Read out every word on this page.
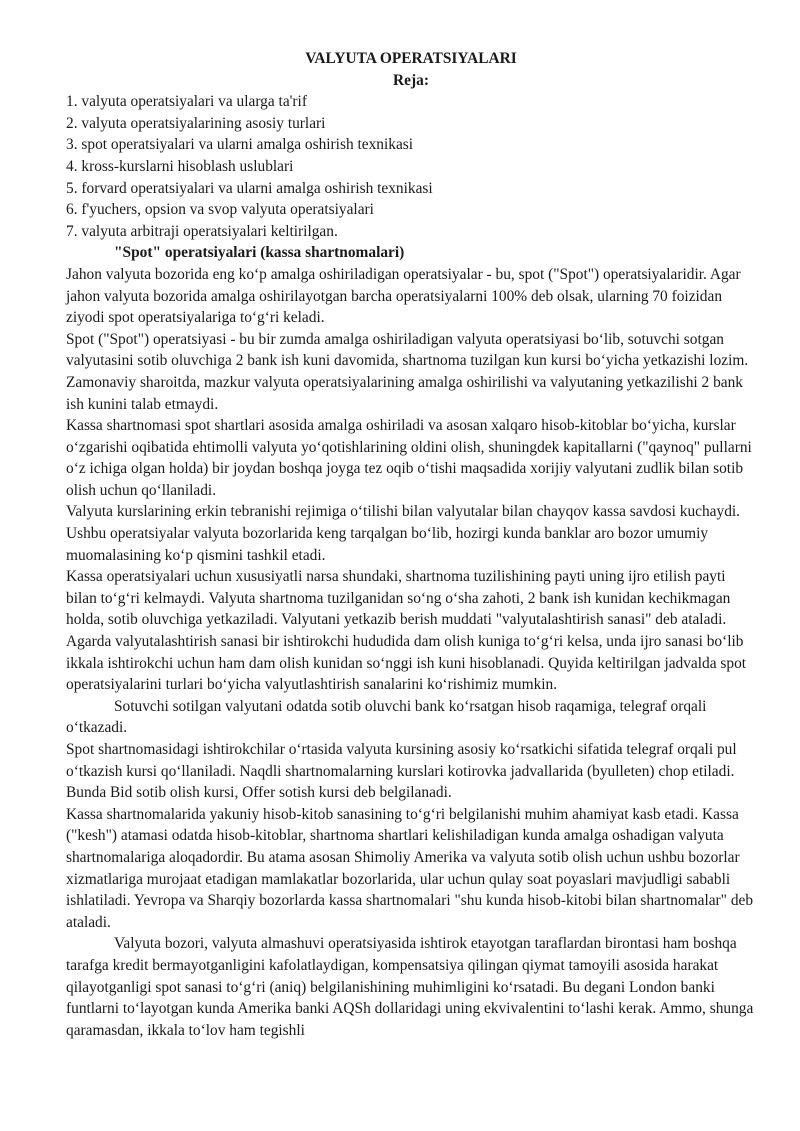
VALYUTA OPERATSIYALARI
Reja:
1. valyuta operatsiyalari va ularga ta'rif
2. valyuta operatsiyalarining asosiy turlari
3. spot operatsiyalari va ularni amalga oshirish texnikasi
4. kross-kurslarni hisoblash uslublari
5. forvard operatsiyalari va ularni amalga oshirish texnikasi
6. f'yuchers, opsion va svop valyuta operatsiyalari
7. valyuta arbitraji operatsiyalari keltirilgan.
"Spot" operatsiyalari (kassa shartnomalari)

Jahon valyuta bozorida eng koʻp amalga oshiriladigan operatsiyalar - bu, spot ("Spot") operatsiyalaridir. Agar jahon valyuta bozorida amalga oshirilayotgan barcha operatsiyalarni 100% deb olsak, ularning 70 foizidan ziyodi spot operatsiyalariga toʻgʻri keladi.

Spot ("Spot") operatsiyasi - bu bir zumda amalga oshiriladigan valyuta operatsiyasi boʻlib, sotuvchi sotgan valyutasini sotib oluvchiga 2 bank ish kuni davomida, shartnoma tuzilgan kun kursi boʻyicha yetkazishi lozim. Zamonaviy sharoitda, mazkur valyuta operatsiyalarining amalga oshirilishi va valyutaning yetkazilishi 2 bank ish kunini talab etmaydi.

Kassa shartnomasi spot shartlari asosida amalga oshiriladi va asosan xalqaro hisob-kitoblar boʻyicha, kurslar oʻzgarishi oqibatida ehtimolli valyuta yoʻqotishlarining oldini olish, shuningdek kapitallarni ("qaynoq" pullarni oʻz ichiga olgan holda) bir joydan boshqa joyga tez oqib oʻtishi maqsadida xorijiy valyutani zudlik bilan sotib olish uchun qoʻllaniladi.

Valyuta kurslarining erkin tebranishi rejimiga oʻtilishi bilan valyutalar bilan chayqov kassa savdosi kuchaydi. Ushbu operatsiyalar valyuta bozorlarida keng tarqalgan boʻlib, hozirgi kunda banklar aro bozor umumiy muomalasining koʻp qismini tashkil etadi.

Kassa operatsiyalari uchun xususiyatli narsa shundaki, shartnoma tuzilishining payti uning ijro etilish payti bilan toʻgʻri kelmaydi. Valyuta shartnoma tuzilganidan soʻng oʻsha zahoti, 2 bank ish kunidan kechikmagan holda, sotib oluvchiga yetkaziladi. Valyutani yetkazib berish muddati "valyutalashtirish sanasi" deb ataladi. Agarda valyutalashtirish sanasi bir ishtirokchi hududida dam olish kuniga toʻgʻri kelsa, unda ijro sanasi boʻlib ikkala ishtirokchi uchun ham dam olish kunidan soʻnggi ish kuni hisoblanadi. Quyida keltirilgan jadvalda spot operatsiyalarini turlari boʻyicha valyutlashtirish sanalarini koʻrishimiz mumkin.

Sotuvchi sotilgan valyutani odatda sotib oluvchi bank koʻrsatgan hisob raqamiga, telegraf orqali oʻtkazadi.

Spot shartnomasidagi ishtirokchilar oʻrtasida valyuta kursining asosiy koʻrsatkichi sifatida telegraf orqali pul oʻtkazish kursi qoʻllaniladi. Naqdli shartnomalarning kurslari kotirovka jadvallarida (byulleten) chop etiladi. Bunda Bid sotib olish kursi, Offer sotish kursi deb belgilanadi.

Kassa shartnomalarida yakuniy hisob-kitob sanasining toʻgʻri belgilanishi muhim ahamiyat kasb etadi. Kassa ("kesh") atamasi odatda hisob-kitoblar, shartnoma shartlari kelishiladigan kunda amalga oshadigan valyuta shartnomalariga aloqadordir. Bu atama asosan Shimoliy Amerika va valyuta sotib olish uchun ushbu bozorlar xizmatlariga murojaat etadigan mamlakatlar bozorlarida, ular uchun qulay soat poyaslari mavjudligi sababli ishlatiladi. Yevropa va Sharqiy bozorlarda kassa shartnomalari "shu kunda hisob-kitobi bilan shartnomalar" deb ataladi.

Valyuta bozori, valyuta almashuvi operatsiyasida ishtirok etayotgan taraflardan birontasi ham boshqa tarafga kredit bermayotganligini kafolatlaydigan, kompensatsiya qilingan qiymat tamoyili asosida harakat qilayotganligi spot sanasi toʻgʻri (aniq) belgilanishining muhimligini koʻrsatadi. Bu degani London banki funtlarni toʻlayotgan kunda Amerika banki AQSh dollaridagi uning ekvivalentini toʻlashi kerak. Ammo, shunga qaramasdan, ikkala toʻlov ham tegishli
